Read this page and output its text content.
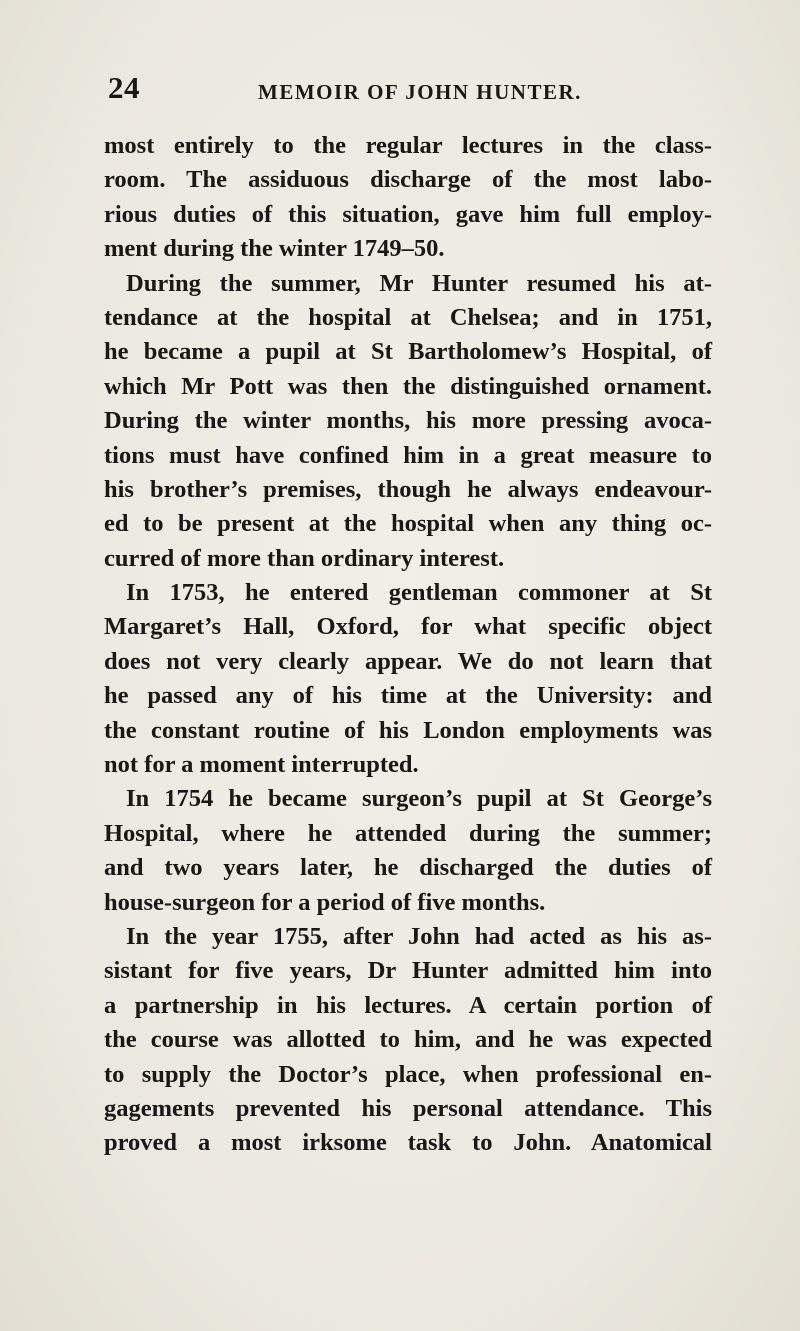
24	MEMOIR OF JOHN HUNTER.
most entirely to the regular lectures in the class-
room. The assiduous discharge of the most labo-
rious duties of this situation, gave him full employ-
ment during the winter 1749–50.
During the summer, Mr Hunter resumed his at-
tendance at the hospital at Chelsea; and in 1751,
he became a pupil at St Bartholomew’s Hospital, of
which Mr Pott was then the distinguished ornament.
During the winter months, his more pressing avoca-
tions must have confined him in a great measure to
his brother’s premises, though he always endeavour-
ed to be present at the hospital when any thing oc-
curred of more than ordinary interest.
In 1753, he entered gentleman commoner at St
Margaret’s Hall, Oxford, for what specific object
does not very clearly appear. We do not learn that
he passed any of his time at the University: and
the constant routine of his London employments was
not for a moment interrupted.
In 1754 he became surgeon’s pupil at St George’s
Hospital, where he attended during the summer;
and two years later, he discharged the duties of
house-surgeon for a period of five months.
In the year 1755, after John had acted as his as-
sistant for five years, Dr Hunter admitted him into
a partnership in his lectures. A certain portion of
the course was allotted to him, and he was expected
to supply the Doctor’s place, when professional en-
gagements prevented his personal attendance. This
proved a most irksome task to John. Anatomical
